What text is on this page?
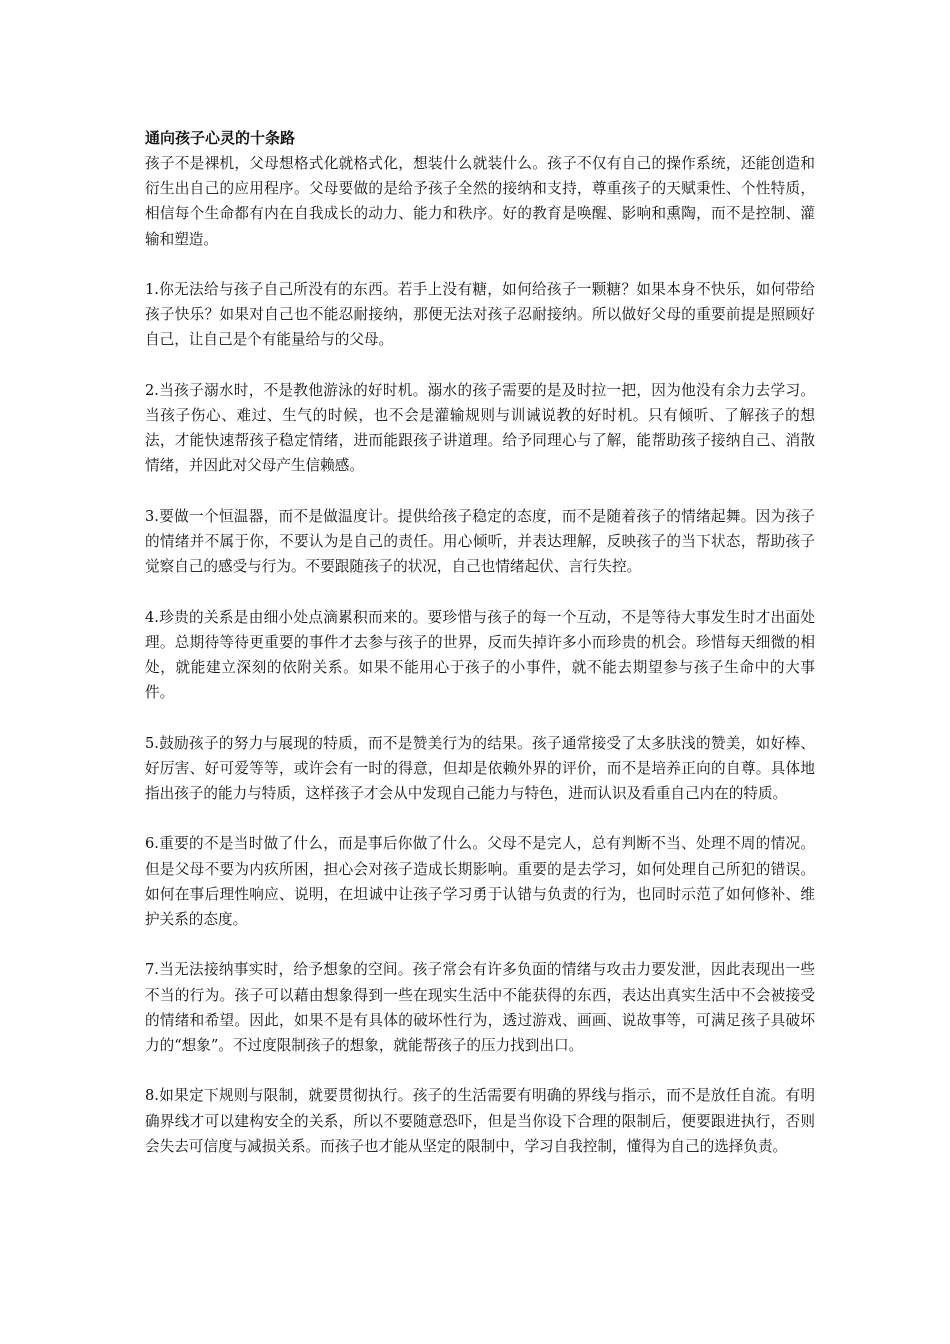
通向孩子心灵的十条路

孩子不是裸机，父母想格式化就格式化，想装什么就装什么。孩子不仅有自己的操作系统，还能创造和衍生出自己的应用程序。父母要做的是给予孩子全然的接纳和支持，尊重孩子的天赋秉性、个性特质，相信每个生命都有内在自我成长的动力、能力和秩序。好的教育是唤醒、影响和熏陶，而不是控制、灌输和塑造。

1.你无法给与孩子自己所没有的东西。若手上没有糖，如何给孩子一颗糖？如果本身不快乐，如何带给孩子快乐？如果对自己也不能忍耐接纳，那便无法对孩子忍耐接纳。所以做好父母的重要前提是照顾好自己，让自己是个有能量给与的父母。

2.当孩子溺水时，不是教他游泳的好时机。溺水的孩子需要的是及时拉一把，因为他没有余力去学习。当孩子伤心、难过、生气的时候，也不会是灌输规则与训诫说教的好时机。只有倾听、了解孩子的想法，才能快速帮孩子稳定情绪，进而能跟孩子讲道理。给予同理心与了解，能帮助孩子接纳自己、消散情绪，并因此对父母产生信赖感。

3.要做一个恒温器，而不是做温度计。提供给孩子稳定的态度，而不是随着孩子的情绪起舞。因为孩子的情绪并不属于你，不要认为是自己的责任。用心倾听，并表达理解，反映孩子的当下状态，帮助孩子觉察自己的感受与行为。不要跟随孩子的状况，自己也情绪起伏、言行失控。

4.珍贵的关系是由细小处点滴累积而来的。要珍惜与孩子的每一个互动，不是等待大事发生时才出面处理。总期待等待更重要的事件才去参与孩子的世界，反而失掉许多小而珍贵的机会。珍惜每天细微的相处，就能建立深刻的依附关系。如果不能用心于孩子的小事件，就不能去期望参与孩子生命中的大事件。

5.鼓励孩子的努力与展现的特质，而不是赞美行为的结果。孩子通常接受了太多肤浅的赞美，如好棒、好厉害、好可爱等等，或许会有一时的得意，但却是依赖外界的评价，而不是培养正向的自尊。具体地指出孩子的能力与特质，这样孩子才会从中发现自己能力与特色，进而认识及看重自己内在的特质。

6.重要的不是当时做了什么，而是事后你做了什么。父母不是完人，总有判断不当、处理不周的情况。但是父母不要为内疚所困，担心会对孩子造成长期影响。重要的是去学习，如何处理自己所犯的错误。如何在事后理性响应、说明，在坦诚中让孩子学习勇于认错与负责的行为，也同时示范了如何修补、维护关系的态度。

7.当无法接纳事实时，给予想象的空间。孩子常会有许多负面的情绪与攻击力要发泄，因此表现出一些不当的行为。孩子可以藉由想象得到一些在现实生活中不能获得的东西，表达出真实生活中不会被接受的情绪和希望。因此，如果不是有具体的破坏性行为，透过游戏、画画、说故事等，可满足孩子具破坏力的“想象”。不过度限制孩子的想象，就能帮孩子的压力找到出口。

8.如果定下规则与限制，就要贯彻执行。孩子的生活需要有明确的界线与指示，而不是放任自流。有明确界线才可以建构安全的关系，所以不要随意恐吓，但是当你设下合理的限制后，便要跟进执行，否则会失去可信度与减损关系。而孩子也才能从坚定的限制中，学习自我控制，懂得为自己的选择负责。
